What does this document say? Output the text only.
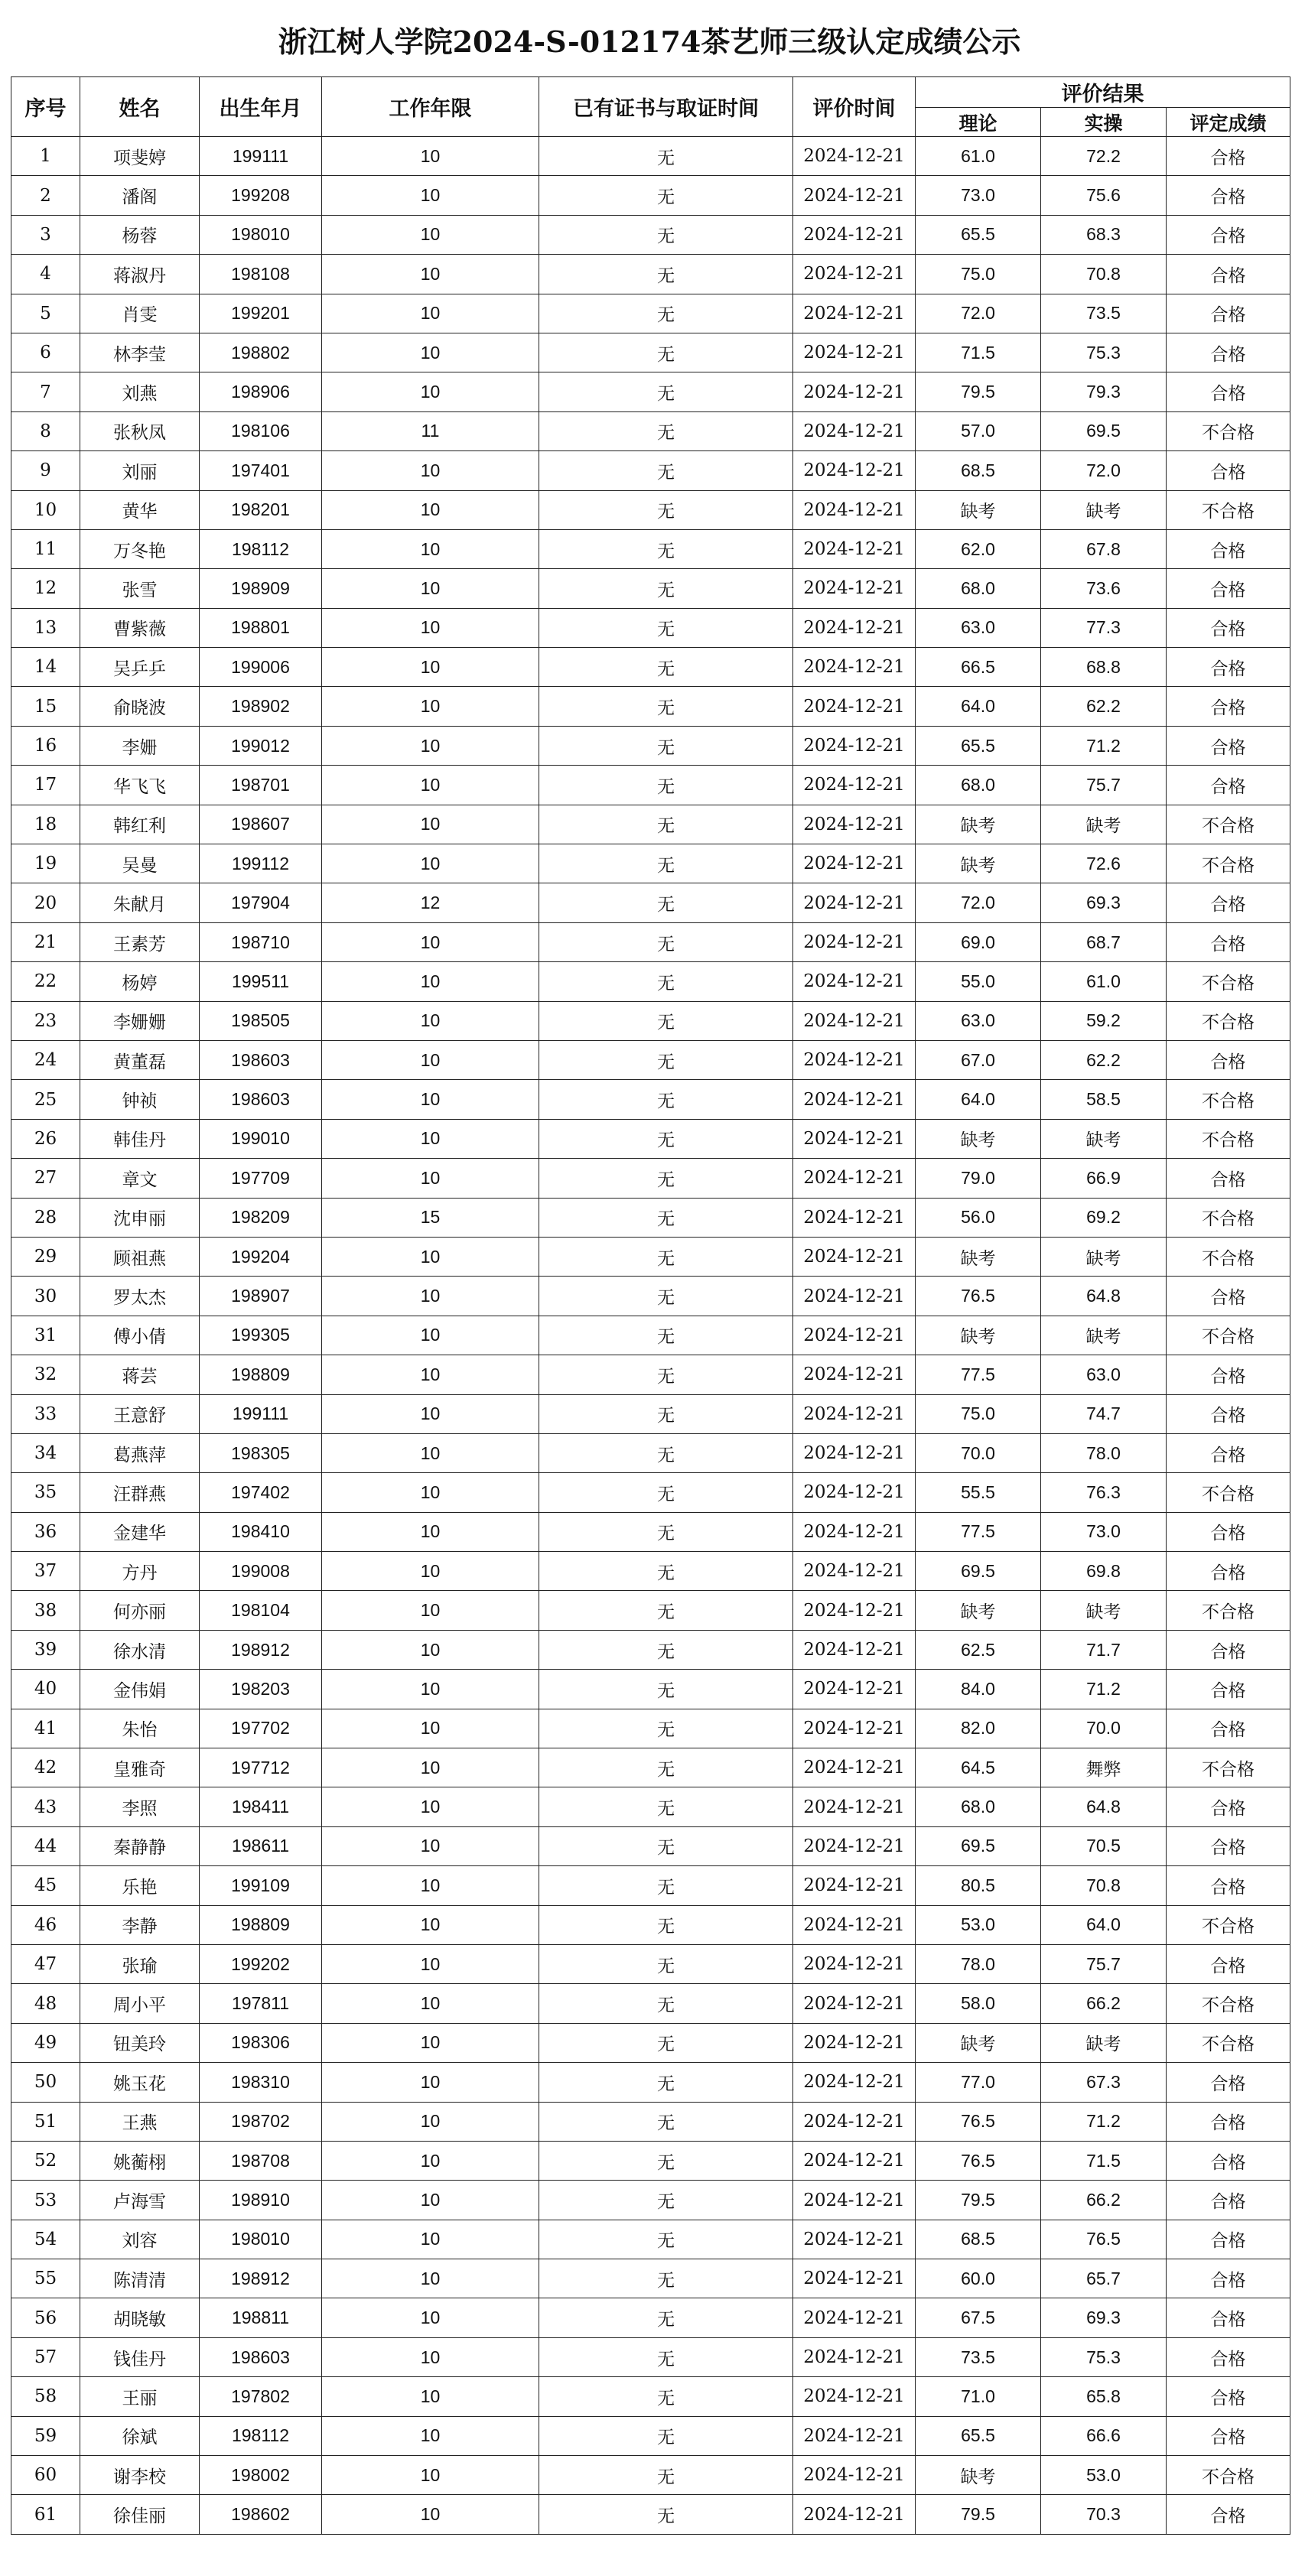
浙江树人学院2024-S-012174茶艺师三级认定成绩公示
序号	姓名	出生年月	工作年限	已有证书与取证时间	评价时间	评价结果		
						理论	实操	评定成绩
1	项斐婷	199111	10	无	2024-12-21	61.0	72.2	合格
2	潘阁	199208	10	无	2024-12-21	73.0	75.6	合格
3	杨蓉	198010	10	无	2024-12-21	65.5	68.3	合格
4	蒋淑丹	198108	10	无	2024-12-21	75.0	70.8	合格
5	肖雯	199201	10	无	2024-12-21	72.0	73.5	合格
6	林李莹	198802	10	无	2024-12-21	71.5	75.3	合格
7	刘燕	198906	10	无	2024-12-21	79.5	79.3	合格
8	张秋凤	198106	11	无	2024-12-21	57.0	69.5	不合格
9	刘丽	197401	10	无	2024-12-21	68.5	72.0	合格
10	黄华	198201	10	无	2024-12-21	缺考	缺考	不合格
11	万冬艳	198112	10	无	2024-12-21	62.0	67.8	合格
12	张雪	198909	10	无	2024-12-21	68.0	73.6	合格
13	曹紫薇	198801	10	无	2024-12-21	63.0	77.3	合格
14	吴乒乒	199006	10	无	2024-12-21	66.5	68.8	合格
15	俞晓波	198902	10	无	2024-12-21	64.0	62.2	合格
16	李姗	199012	10	无	2024-12-21	65.5	71.2	合格
17	华飞飞	198701	10	无	2024-12-21	68.0	75.7	合格
18	韩红利	198607	10	无	2024-12-21	缺考	缺考	不合格
19	吴曼	199112	10	无	2024-12-21	缺考	72.6	不合格
20	朱献月	197904	12	无	2024-12-21	72.0	69.3	合格
21	王素芳	198710	10	无	2024-12-21	69.0	68.7	合格
22	杨婷	199511	10	无	2024-12-21	55.0	61.0	不合格
23	李姗姗	198505	10	无	2024-12-21	63.0	59.2	不合格
24	黄董磊	198603	10	无	2024-12-21	67.0	62.2	合格
25	钟祯	198603	10	无	2024-12-21	64.0	58.5	不合格
26	韩佳丹	199010	10	无	2024-12-21	缺考	缺考	不合格
27	章文	197709	10	无	2024-12-21	79.0	66.9	合格
28	沈申丽	198209	15	无	2024-12-21	56.0	69.2	不合格
29	顾祖燕	199204	10	无	2024-12-21	缺考	缺考	不合格
30	罗太杰	198907	10	无	2024-12-21	76.5	64.8	合格
31	傅小倩	199305	10	无	2024-12-21	缺考	缺考	不合格
32	蒋芸	198809	10	无	2024-12-21	77.5	63.0	合格
33	王意舒	199111	10	无	2024-12-21	75.0	74.7	合格
34	葛燕萍	198305	10	无	2024-12-21	70.0	78.0	合格
35	汪群燕	197402	10	无	2024-12-21	55.5	76.3	不合格
36	金建华	198410	10	无	2024-12-21	77.5	73.0	合格
37	方丹	199008	10	无	2024-12-21	69.5	69.8	合格
38	何亦丽	198104	10	无	2024-12-21	缺考	缺考	不合格
39	徐水清	198912	10	无	2024-12-21	62.5	71.7	合格
40	金伟娟	198203	10	无	2024-12-21	84.0	71.2	合格
41	朱怡	197702	10	无	2024-12-21	82.0	70.0	合格
42	皇雅奇	197712	10	无	2024-12-21	64.5	舞弊	不合格
43	李照	198411	10	无	2024-12-21	68.0	64.8	合格
44	秦静静	198611	10	无	2024-12-21	69.5	70.5	合格
45	乐艳	199109	10	无	2024-12-21	80.5	70.8	合格
46	李静	198809	10	无	2024-12-21	53.0	64.0	不合格
47	张瑜	199202	10	无	2024-12-21	78.0	75.7	合格
48	周小平	197811	10	无	2024-12-21	58.0	66.2	不合格
49	钮美玲	198306	10	无	2024-12-21	缺考	缺考	不合格
50	姚玉花	198310	10	无	2024-12-21	77.0	67.3	合格
51	王燕	198702	10	无	2024-12-21	76.5	71.2	合格
52	姚蘅栩	198708	10	无	2024-12-21	76.5	71.5	合格
53	卢海雪	198910	10	无	2024-12-21	79.5	66.2	合格
54	刘容	198010	10	无	2024-12-21	68.5	76.5	合格
55	陈清清	198912	10	无	2024-12-21	60.0	65.7	合格
56	胡晓敏	198811	10	无	2024-12-21	67.5	69.3	合格
57	钱佳丹	198603	10	无	2024-12-21	73.5	75.3	合格
58	王丽	197802	10	无	2024-12-21	71.0	65.8	合格
59	徐斌	198112	10	无	2024-12-21	65.5	66.6	合格
60	谢李校	198002	10	无	2024-12-21	缺考	53.0	不合格
61	徐佳丽	198602	10	无	2024-12-21	79.5	70.3	合格
